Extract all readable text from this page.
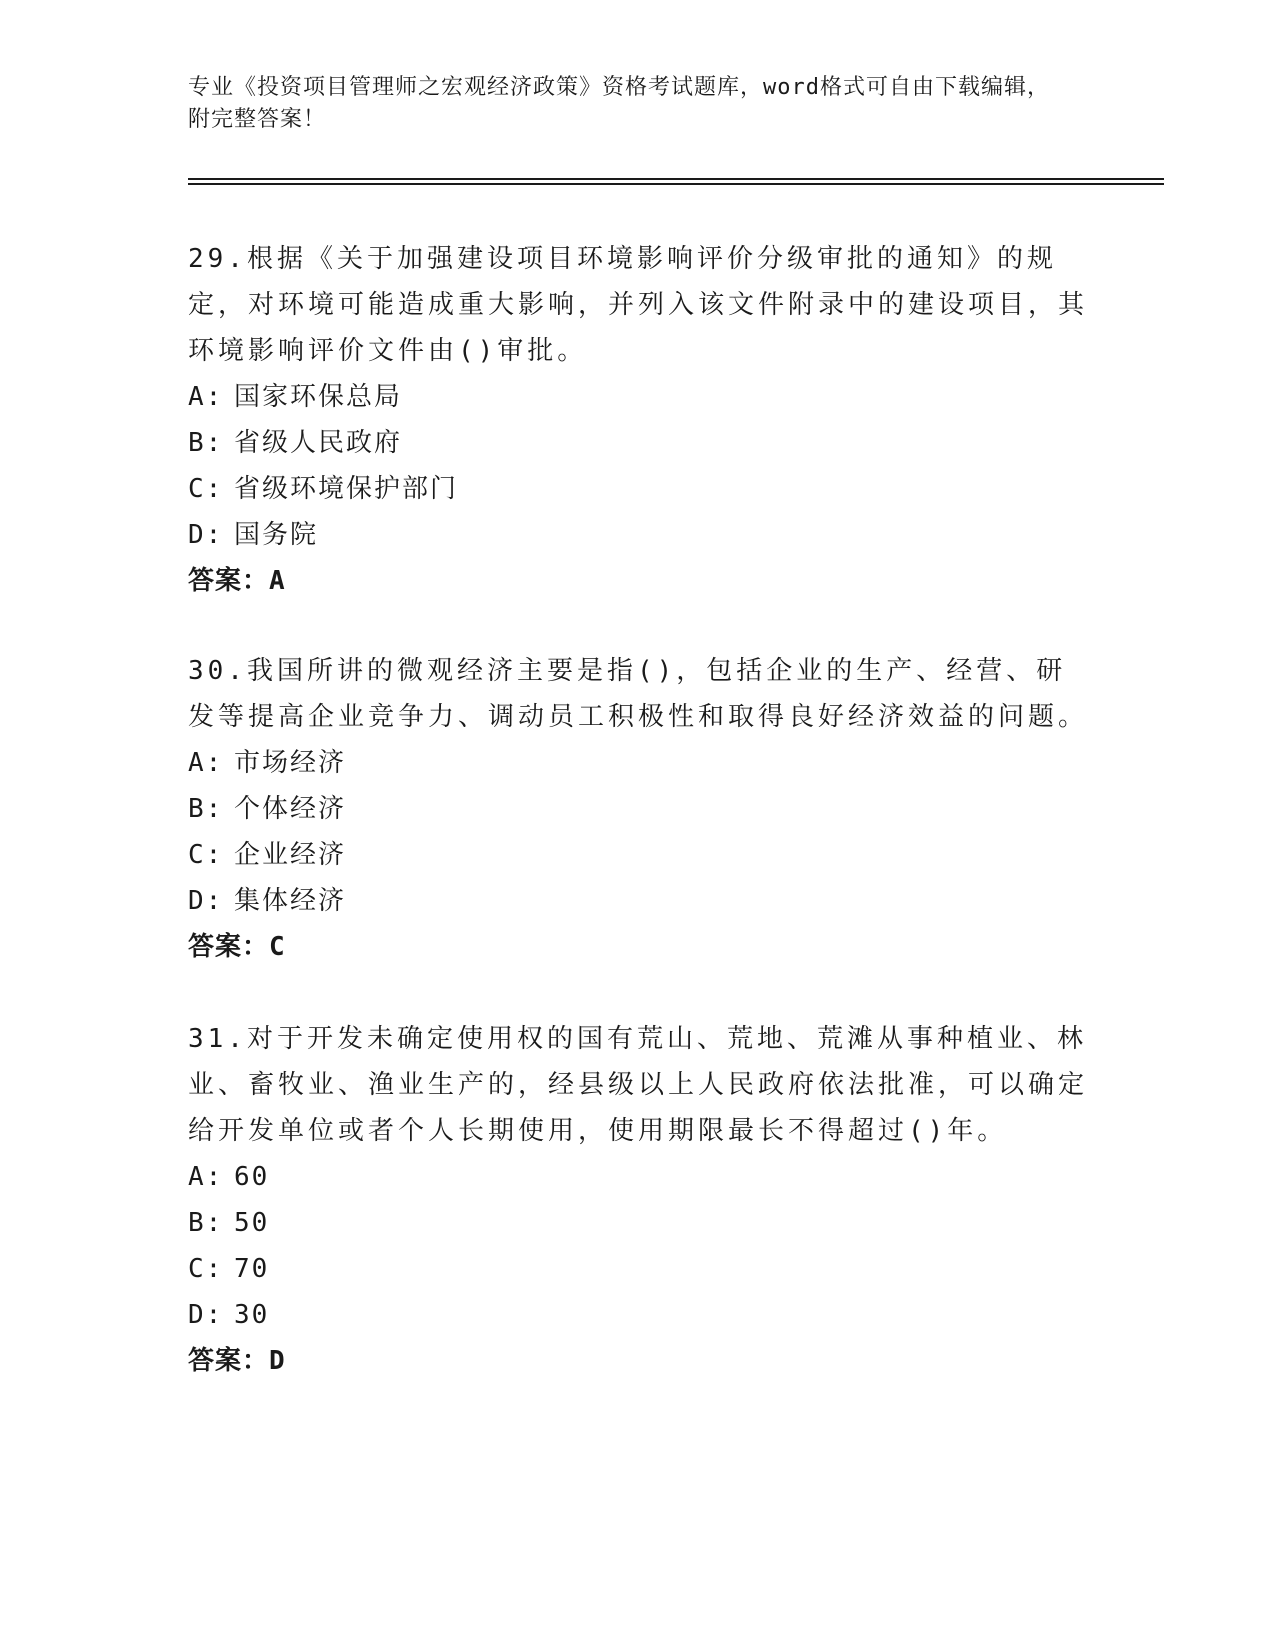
专业《投资项目管理师之宏观经济政策》资格考试题库，word格式可自由下载编辑，附完整答案！

29.根据《关于加强建设项目环境影响评价分级审批的通知》的规定，对环境可能造成重大影响，并列入该文件附录中的建设项目，其环境影响评价文件由()审批。

A: 国家环保总局

B: 省级人民政府

C: 省级环境保护部门

D: 国务院

答案：A

30.我国所讲的微观经济主要是指()，包括企业的生产、经营、研发等提高企业竞争力、调动员工积极性和取得良好经济效益的问题。

A: 市场经济

B: 个体经济

C: 企业经济

D: 集体经济

答案：C

31.对于开发未确定使用权的国有荒山、荒地、荒滩从事种植业、林业、畜牧业、渔业生产的，经县级以上人民政府依法批准，可以确定给开发单位或者个人长期使用，使用期限最长不得超过()年。

A: 60

B: 50

C: 70

D: 30

答案：D
